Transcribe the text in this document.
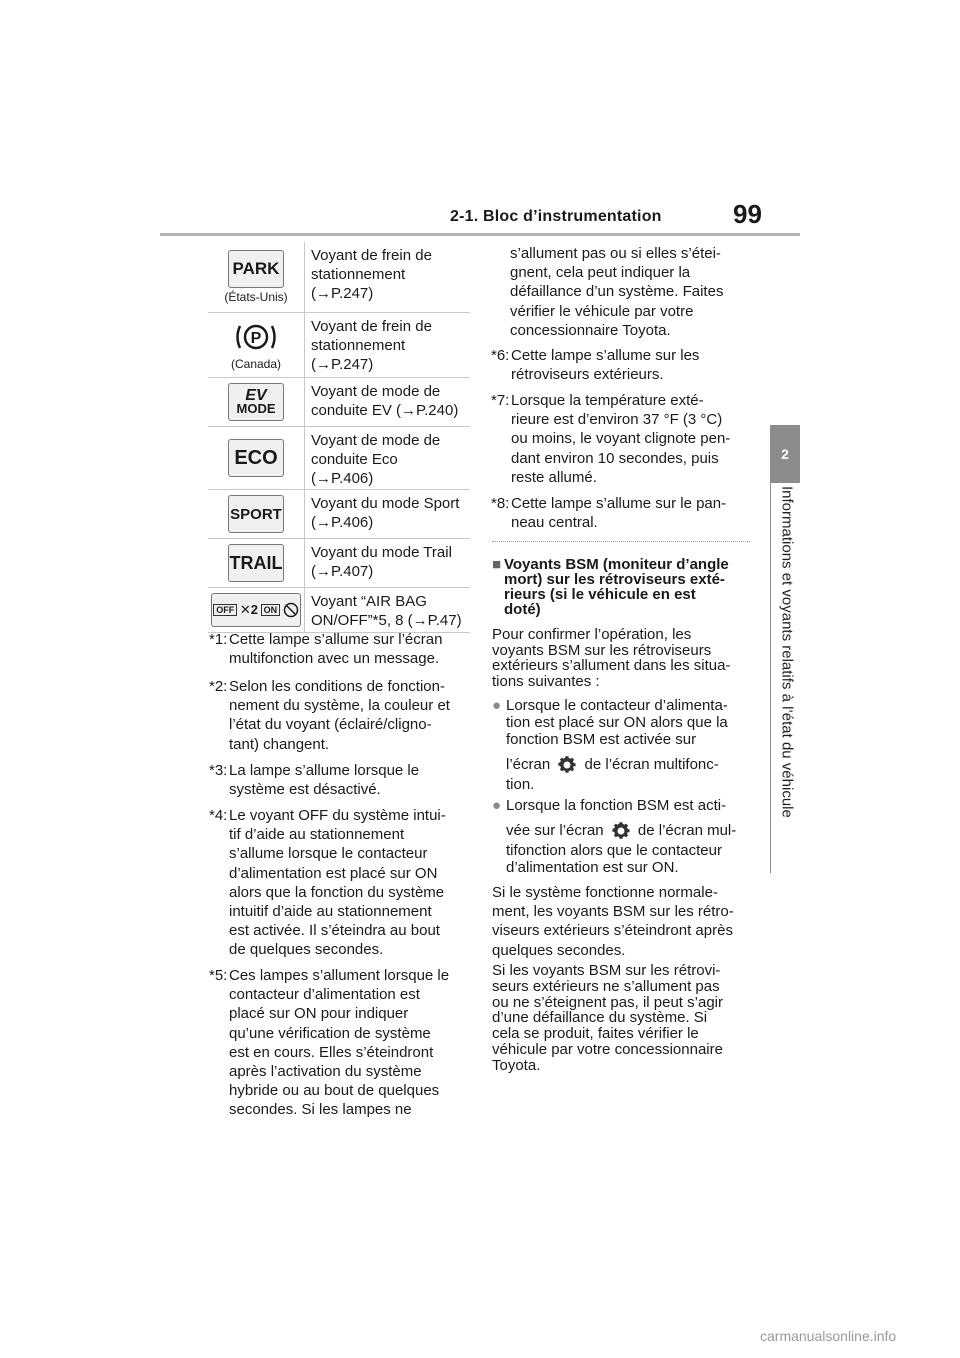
2-1. Bloc d’instrumentation	99
2
Informations et voyants relatifs à l’état du véhicule
PARK
(États-Unis)
Voyant de frein de
stationnement
(→P.247)
P
(Canada)
Voyant de frein de
stationnement
(→P.247)
EV
MODE
Voyant de mode de
conduite EV (→P.240)
ECO
Voyant de mode de
conduite Eco
(→P.406)
SPORT
Voyant du mode Sport
(→P.406)
TRAIL Voyant du mode Trail
(→P.407)
OFF ✕2 ON Voyant “AIR BAG
ON/OFF”*5, 8 (→P.47)
*1: Cette lampe s’allume sur l’écran
multifonction avec un message.
*2: Selon les conditions de fonction-
nement du système, la couleur et
l’état du voyant (éclairé/cligno-
tant) changent.
*3: La lampe s’allume lorsque le
système est désactivé.
*4: Le voyant OFF du système intui-
tif d’aide au stationnement
s’allume lorsque le contacteur
d’alimentation est placé sur ON
alors que la fonction du système
intuitif d’aide au stationnement
est activée. Il s’éteindra au bout
de quelques secondes.
*5: Ces lampes s’allument lorsque le
contacteur d’alimentation est
placé sur ON pour indiquer
qu’une vérification de système
est en cours. Elles s’éteindront
après l’activation du système
hybride ou au bout de quelques
secondes. Si les lampes ne
s’allument pas ou si elles s’étei-
gnent, cela peut indiquer la
défaillance d’un système. Faites
vérifier le véhicule par votre
concessionnaire Toyota.
*6: Cette lampe s’allume sur les
rétroviseurs extérieurs.
*7: Lorsque la température exté-
rieure est d’environ 37 °F (3 °C)
ou moins, le voyant clignote pen-
dant environ 10 secondes, puis
reste allumé.
*8: Cette lampe s’allume sur le pan-
neau central.
■ Voyants BSM (moniteur d’angle
mort) sur les rétroviseurs exté-
rieurs (si le véhicule en est
doté)
Pour confirmer l’opération, les
voyants BSM sur les rétroviseurs
extérieurs s’allument dans les situa-
tions suivantes :
● Lorsque le contacteur d’alimenta-
tion est placé sur ON alors que la
fonction BSM est activée sur
l’écran de l’écran multifonc-
tion.
● Lorsque la fonction BSM est acti-
vée sur l’écran de l’écran mul-
tifonction alors que le contacteur
d’alimentation est sur ON.
Si le système fonctionne normale-
ment, les voyants BSM sur les rétro-
viseurs extérieurs s’éteindront après
quelques secondes.
Si les voyants BSM sur les rétrovi-
seurs extérieurs ne s’allument pas
ou ne s’éteignent pas, il peut s’agir
d’une défaillance du système. Si
cela se produit, faites vérifier le
véhicule par votre concessionnaire
Toyota.
carmanualsonline.info
